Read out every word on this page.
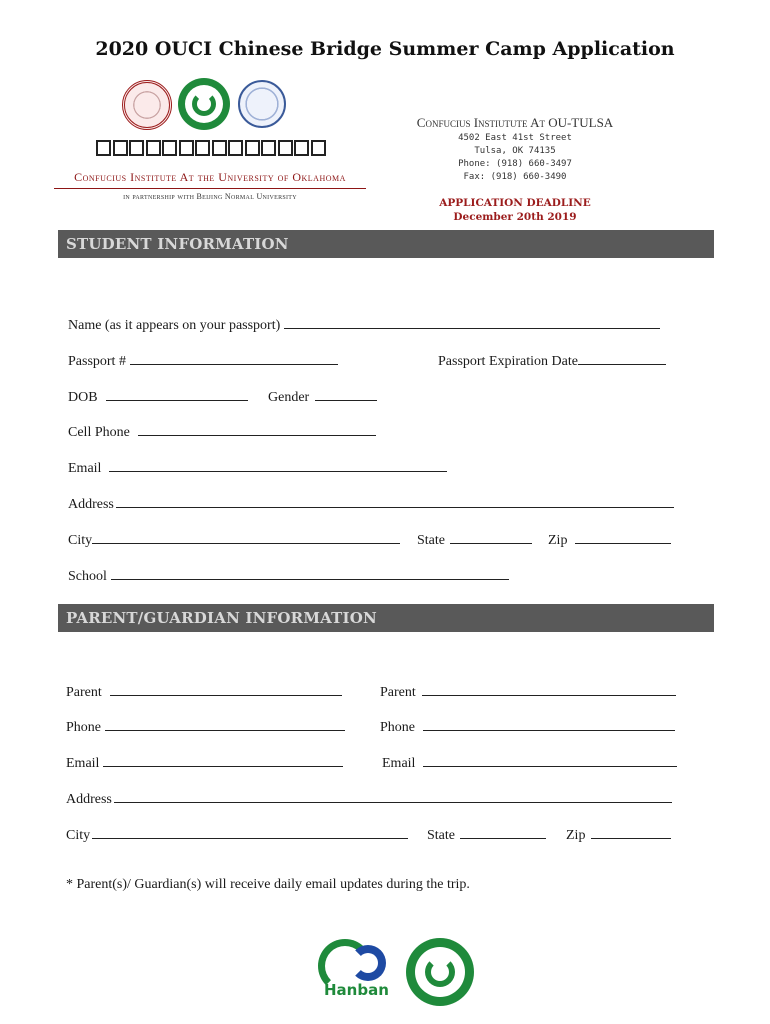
2020 OUCI Chinese Bridge Summer Camp Application
Confucius Institute At the University of Oklahoma
in partnership with Beijing Normal University
Confucius Instiutute At OU-TULSA
4502 East 41st Street
Tulsa, OK 74135
Phone: (918) 660-3497
Fax: (918) 660-3490
APPLICATION DEADLINE
December 20th 2019
STUDENT INFORMATION
Name (as it appears on your passport)
Passport #	Passport Expiration Date
DOB	Gender
Cell Phone
Email
Address
City	State	Zip
School
PARENT/GUARDIAN INFORMATION
Parent	Parent
Phone	Phone
Email	Email
Address
City	State	Zip
* Parent(s)/ Guardian(s) will receive daily email updates during the trip.
Hanban
